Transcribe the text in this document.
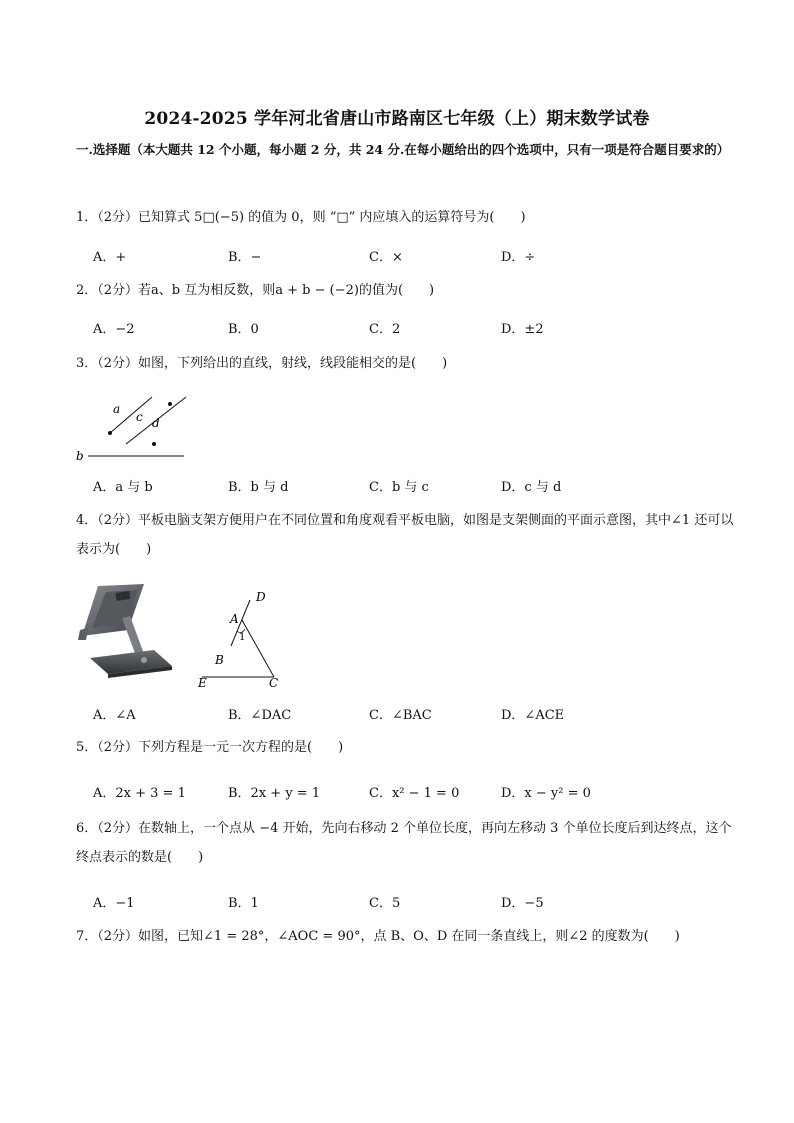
2024-2025 学年河北省唐山市路南区七年级（上）期末数学试卷
一.选择题（本大题共 12 个小题，每小题 2 分，共 24 分.在每小题给出的四个选项中，只有一项是符合题目要求的）
1．（2分）已知算式 5□(−5) 的值为 0，则 “□” 内应填入的运算符号为(　　)
A．+	B．−	C．×	D．÷
2．（2分）若a、b 互为相反数，则a + b − (−2)的值为(　　)
A．−2	B．0	C．2	D．±2
3．（2分）如图，下列给出的直线，射线，线段能相交的是(　　)
a
c d
b
A．a 与 b	B．b 与 d	C．b 与 c	D．c 与 d
4．（2分）平板电脑支架方便用户在不同位置和角度观看平板电脑，如图是支架侧面的平面示意图，其中∠1 还可以表示为(　　)
D
A
1
B
E	C
A．∠A	B．∠DAC	C．∠BAC	D．∠ACE
5．（2分）下列方程是一元一次方程的是(　　)
A．2x + 3 = 1	B．2x + y = 1	C．x² − 1 = 0	D．x − y² = 0
6．（2分）在数轴上，一个点从 −4 开始，先向右移动 2 个单位长度，再向左移动 3 个单位长度后到达终点，这个终点表示的数是(　　)
A．−1	B．1	C．5	D．−5
7．（2分）如图，已知∠1 = 28°，∠AOC = 90°，点 B、O、D 在同一条直线上，则∠2 的度数为(　　)
